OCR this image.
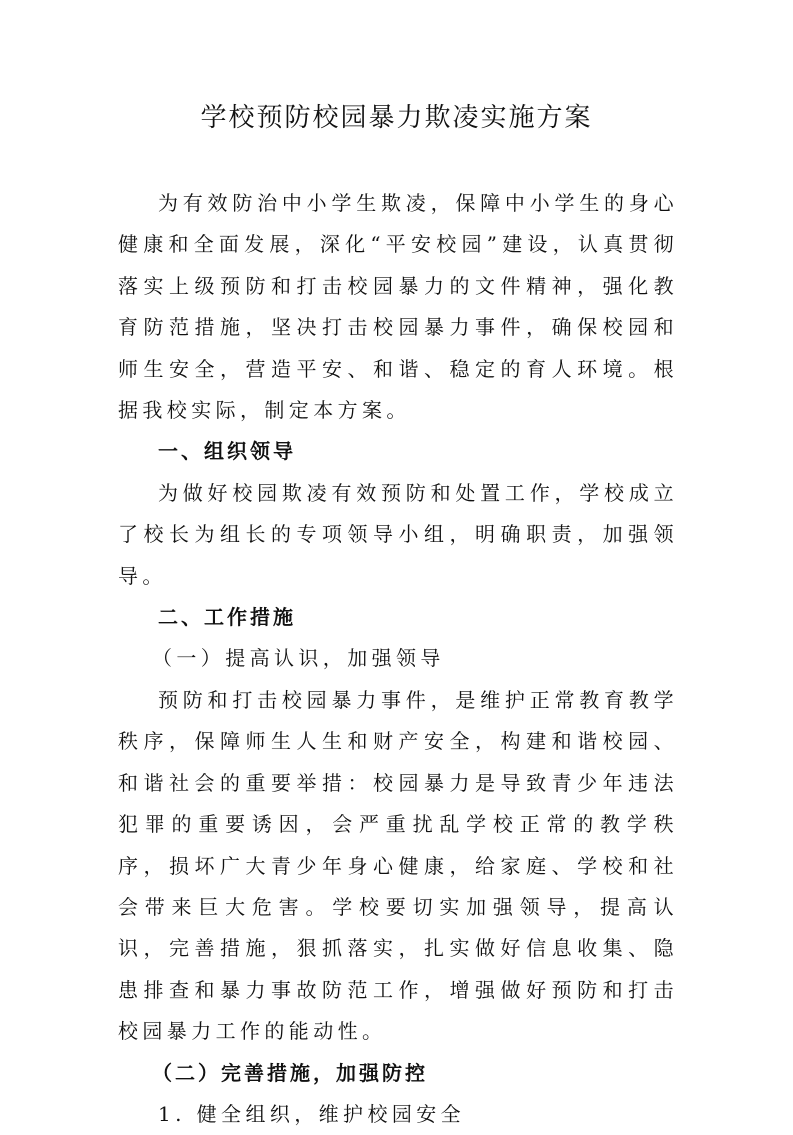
学校预防校园暴力欺凌实施方案

为有效防治中小学生欺凌，保障中小学生的身心健康和全面发展，深化“平安校园”建设，认真贯彻落实上级预防和打击校园暴力的文件精神，强化教育防范措施，坚决打击校园暴力事件，确保校园和师生安全，营造平安、和谐、稳定的育人环境。根据我校实际，制定本方案。

一、组织领导

为做好校园欺凌有效预防和处置工作，学校成立了校长为组长的专项领导小组，明确职责，加强领导。

二、工作措施

（一）提高认识，加强领导

预防和打击校园暴力事件，是维护正常教育教学秩序，保障师生人生和财产安全，构建和谐校园、和谐社会的重要举措：校园暴力是导致青少年违法犯罪的重要诱因，会严重扰乱学校正常的教学秩序，损坏广大青少年身心健康，给家庭、学校和社会带来巨大危害。学校要切实加强领导，提高认识，完善措施，狠抓落实，扎实做好信息收集、隐患排查和暴力事故防范工作，增强做好预防和打击校园暴力工作的能动性。

（二）完善措施，加强防控

1. 健全组织，维护校园安全
